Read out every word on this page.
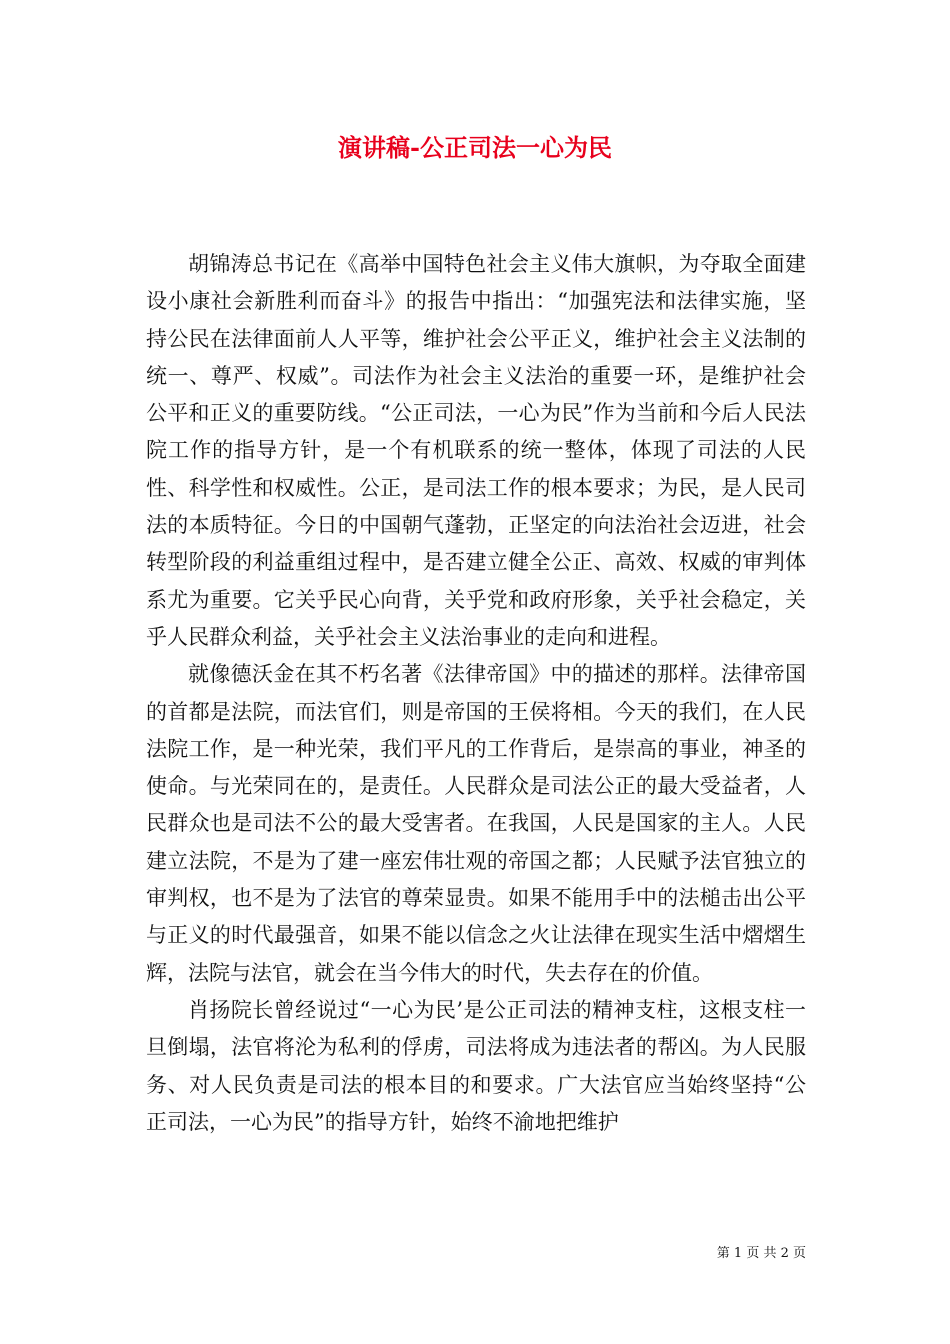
演讲稿-公正司法一心为民

胡锦涛总书记在《高举中国特色社会主义伟大旗帜，为夺取全面建设小康社会新胜利而奋斗》的报告中指出：“加强宪法和法律实施，坚持公民在法律面前人人平等，维护社会公平正义，维护社会主义法制的统一、尊严、权威”。司法作为社会主义法治的重要一环，是维护社会公平和正义的重要防线。“公正司法，一心为民”作为当前和今后人民法院工作的指导方针，是一个有机联系的统一整体，体现了司法的人民性、科学性和权威性。公正，是司法工作的根本要求；为民，是人民司法的本质特征。今日的中国朝气蓬勃，正坚定的向法治社会迈进，社会转型阶段的利益重组过程中，是否建立健全公正、高效、权威的审判体系尤为重要。它关乎民心向背，关乎党和政府形象，关乎社会稳定，关乎人民群众利益，关乎社会主义法治事业的走向和进程。

就像德沃金在其不朽名著《法律帝国》中的描述的那样。法律帝国的首都是法院，而法官们，则是帝国的王侯将相。今天的我们，在人民法院工作，是一种光荣，我们平凡的工作背后，是崇高的事业，神圣的使命。与光荣同在的，是责任。人民群众是司法公正的最大受益者，人民群众也是司法不公的最大受害者。在我国，人民是国家的主人。人民建立法院，不是为了建一座宏伟壮观的帝国之都；人民赋予法官独立的审判权，也不是为了法官的尊荣显贵。如果不能用手中的法槌击出公平与正义的时代最强音，如果不能以信念之火让法律在现实生活中熠熠生辉，法院与法官，就会在当今伟大的时代，失去存在的价值。

肖扬院长曾经说过“一心为民’是公正司法的精神支柱，这根支柱一旦倒塌，法官将沦为私利的俘虏，司法将成为违法者的帮凶。为人民服务、对人民负责是司法的根本目的和要求。广大法官应当始终坚持“公正司法，一心为民”的指导方针，始终不渝地把维护

第 1 页 共 2 页
